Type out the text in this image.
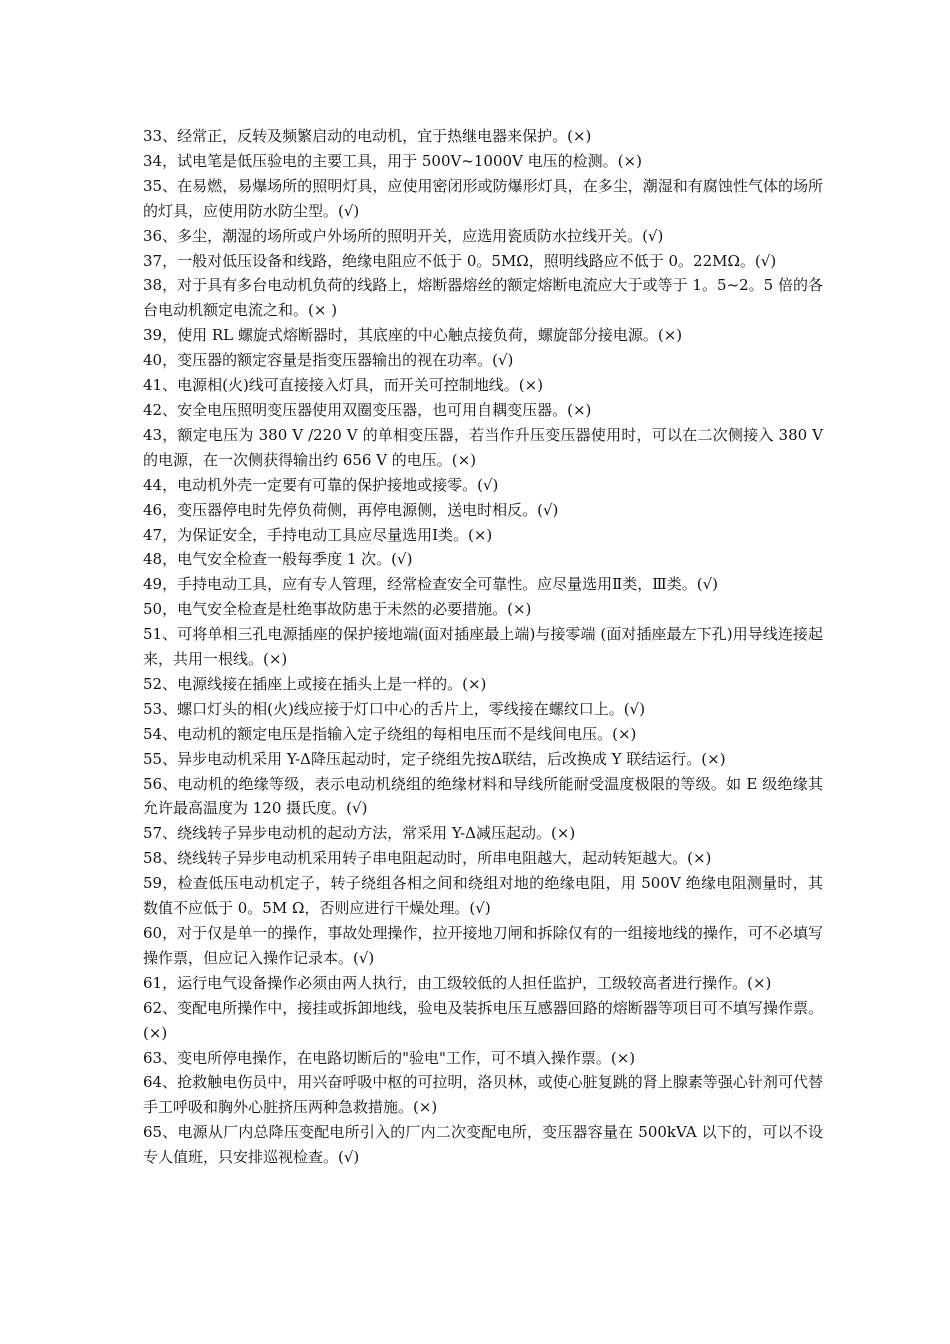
33、经常正，反转及频繁启动的电动机，宜于热继电器来保护。(×)

34，试电笔是低压验电的主要工具，用于 500V~1000V 电压的检测。(×)

35、在易燃，易爆场所的照明灯具，应使用密闭形或防爆形灯具，在多尘，潮湿和有腐蚀性气体的场所的灯具，应使用防水防尘型。(√)

36、多尘，潮湿的场所或户外场所的照明开关，应选用瓷质防水拉线开关。(√)

37，一般对低压设备和线路，绝缘电阻应不低于 0。5MΩ，照明线路应不低于 0。22MΩ。(√)

38，对于具有多台电动机负荷的线路上，熔断器熔丝的额定熔断电流应大于或等于 1。5~2。5 倍的各台电动机额定电流之和。(× )

39，使用 RL 螺旋式熔断器时，其底座的中心触点接负荷，螺旋部分接电源。(×)

40，变压器的额定容量是指变压器输出的视在功率。(√)

41、电源相(火)线可直接接入灯具，而开关可控制地线。(×)

42、安全电压照明变压器使用双圈变压器，也可用自耦变压器。(×)

43，额定电压为 380 V /220 V 的单相变压器，若当作升压变压器使用时，可以在二次侧接入 380 V 的电源，在一次侧获得输出约 656 V 的电压。(×)

44，电动机外壳一定要有可靠的保护接地或接零。(√)

46，变压器停电时先停负荷侧，再停电源侧，送电时相反。(√)

47，为保证安全，手持电动工具应尽量选用Ⅰ类。(×)

48，电气安全检查一般每季度 1 次。(√)

49，手持电动工具，应有专人管理，经常检查安全可靠性。应尽量选用Ⅱ类，Ⅲ类。(√)

50，电气安全检查是杜绝事故防患于未然的必要措施。(×)

51、可将单相三孔电源插座的保护接地端(面对插座最上端)与接零端 (面对插座最左下孔)用导线连接起来，共用一根线。(×)

52、电源线接在插座上或接在插头上是一样的。(×)

53、螺口灯头的相(火)线应接于灯口中心的舌片上，零线接在螺纹口上。(√)

54、电动机的额定电压是指输入定子绕组的每相电压而不是线间电压。(×)

55、异步电动机采用 Y-Δ降压起动时，定子绕组先按Δ联结，后改换成 Y 联结运行。(×)

56、电动机的绝缘等级，表示电动机绕组的绝缘材料和导线所能耐受温度极限的等级。如 E 级绝缘其允许最高温度为 120 摄氏度。(√)

57、绕线转子异步电动机的起动方法，常采用 Y-Δ减压起动。(×)

58、绕线转子异步电动机采用转子串电阻起动时，所串电阻越大，起动转矩越大。(×)

59，检查低压电动机定子，转子绕组各相之间和绕组对地的绝缘电阻，用 500V 绝缘电阻测量时，其数值不应低于 0。5M Ω，否则应进行干燥处理。(√)

60，对于仅是单一的操作，事故处理操作，拉开接地刀闸和拆除仅有的一组接地线的操作，可不必填写操作票，但应记入操作记录本。(√)

61，运行电气设备操作必须由两人执行，由工级较低的人担任监护，工级较高者进行操作。(×)

62、变配电所操作中，接挂或拆卸地线，验电及装拆电压互感器回路的熔断器等项目可不填写操作票。(×)

63、变电所停电操作，在电路切断后的"验电"工作，可不填入操作票。(×)

64、抢救触电伤员中，用兴奋呼吸中枢的可拉明，洛贝林，或使心脏复跳的肾上腺素等强心针剂可代替手工呼吸和胸外心脏挤压两种急救措施。(×)

65、电源从厂内总降压变配电所引入的厂内二次变配电所，变压器容量在 500kVA 以下的，可以不设专人值班，只安排巡视检查。(√)
